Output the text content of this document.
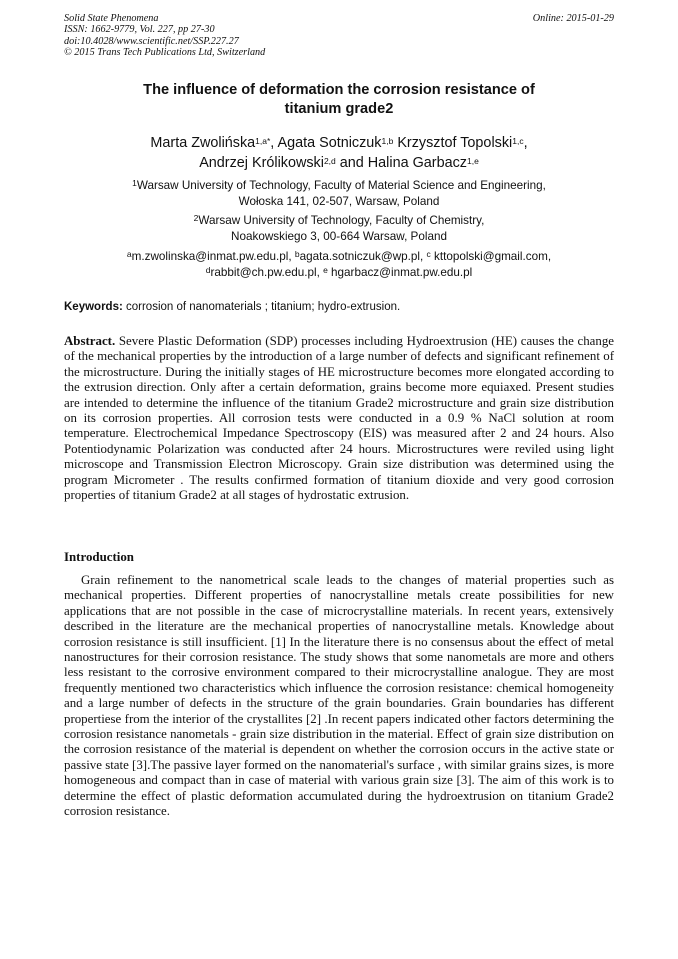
Solid State Phenomena
ISSN: 1662-9779, Vol. 227, pp 27-30
doi:10.4028/www.scientific.net/SSP.227.27
© 2015 Trans Tech Publications Ltd, Switzerland
Online: 2015-01-29
The influence of deformation the corrosion resistance of
titanium grade2
Marta Zwolińska$^{1,a*}$, Agata Sotniczuk$^{1,b}$ Krzysztof Topolski$^{1,c}$,
Andrzej Królikowski$^{2,d}$ and Halina Garbacz$^{1,e}$
$^1$Warsaw University of Technology, Faculty of Material Science and Engineering,
Wołoska 141, 02-507, Warsaw, Poland
$^2$Warsaw University of Technology, Faculty of Chemistry,
Noakowskiego 3, 00-664 Warsaw, Poland
$^a$m.zwolinska@inmat.pw.edu.pl, $^b$agata.sotniczuk@wp.pl, $^c$ kttopolski@gmail.com,
$^d$rabbit@ch.pw.edu.pl, $^e$ hgarbacz@inmat.pw.edu.pl
Keywords: corrosion of nanomaterials ; titanium; hydro-extrusion.
Abstract. Severe Plastic Deformation (SDP) processes including Hydroextrusion (HE) causes the change of the mechanical properties by the introduction of a large number of defects and significant refinement of the microstructure. During the initially stages of HE microstructure becomes more elongated according to the extrusion direction. Only after a certain deformation, grains become more equiaxed. Present studies are intended to determine the influence of the titanium Grade2 microstructure and grain size distribution on its corrosion properties. All corrosion tests were conducted in a 0.9 % NaCl solution at room temperature. Electrochemical Impedance Spectroscopy (EIS) was measured after 2 and 24 hours. Also Potentiodynamic Polarization was conducted after 24 hours. Microstructures were reviled using light microscope and Transmission Electron Microscopy. Grain size distribution was determined using the program Micrometer . The results confirmed formation of titanium dioxide and very good corrosion properties of titanium Grade2 at all stages of hydrostatic extrusion.
Introduction
Grain refinement to the nanometrical scale leads to the changes of material properties such as mechanical properties. Different properties of nanocrystalline metals create possibilities for new applications that are not possible in the case of microcrystalline materials. In recent years, extensively described in the literature are the mechanical properties of nanocrystalline metals. Knowledge about corrosion resistance is still insufficient. [1] In the literature there is no consensus about the effect of metal nanostructures for their corrosion resistance. The study shows that some nanometals are more and others less resistant to the corrosive environment compared to their microcrystalline analogue. They are most frequently mentioned two characteristics which influence the corrosion resistance: chemical homogeneity and a large number of defects in the structure of the grain boundaries. Grain boundaries has different propertiese from the interior of the crystallites [2] .In recent papers indicated other factors determining the corrosion resistance nanometals - grain size distribution in the material. Effect of grain size distribution on the corrosion resistance of the material is dependent on whether the corrosion occurs in the active state or passive state [3].The passive layer formed on the nanomaterial's surface , with similar grains sizes, is more homogeneous and compact than in case of material with various grain size [3]. The aim of this work is to determine the effect of plastic deformation accumulated during the hydroextrusion on titanium Grade2 corrosion resistance.
